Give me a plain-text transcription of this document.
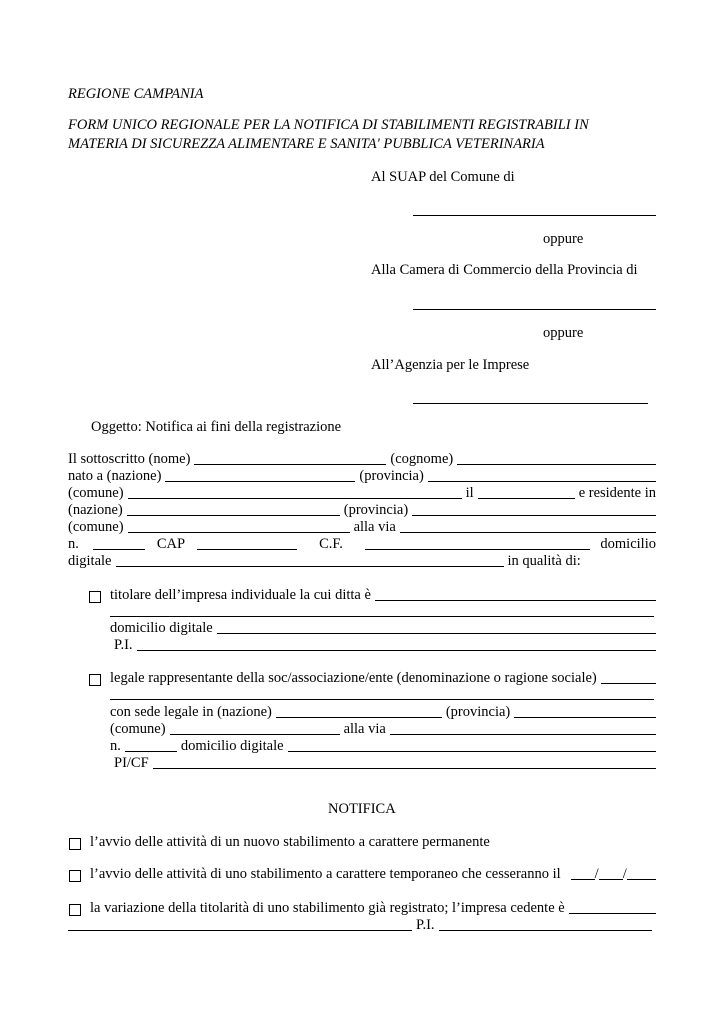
REGIONE CAMPANIA
FORM UNICO REGIONALE PER LA NOTIFICA DI STABILIMENTI REGISTRABILI IN
MATERIA DI SICUREZZA ALIMENTARE E SANITA' PUBBLICA VETERINARIA
Al SUAP del Comune di
oppure
Alla Camera di Commercio della Provincia di
oppure
All’Agenzia per le Imprese
Oggetto: Notifica ai fini della registrazione
Il sottoscritto (nome)	(cognome)
nato a (nazione)	(provincia)
(comune)	il	e residente in
(nazione)	(provincia)
(comune)	alla via
n.	CAP	C.F.	domicilio
digitale	in qualità di:
titolare dell’impresa individuale la cui ditta è
domicilio digitale
P.I.
legale rappresentante della soc/associazione/ente (denominazione o ragione sociale)
con sede legale in (nazione)	(provincia)
(comune)	alla via
n.	domicilio digitale
PI/CF
NOTIFICA
l’avvio delle attività di un nuovo stabilimento a carattere permanente
l’avvio delle attività di uno stabilimento a carattere temporaneo che cesseranno il / /
la variazione della titolarità di uno stabilimento già registrato; l’impresa cedente è
P.I.
